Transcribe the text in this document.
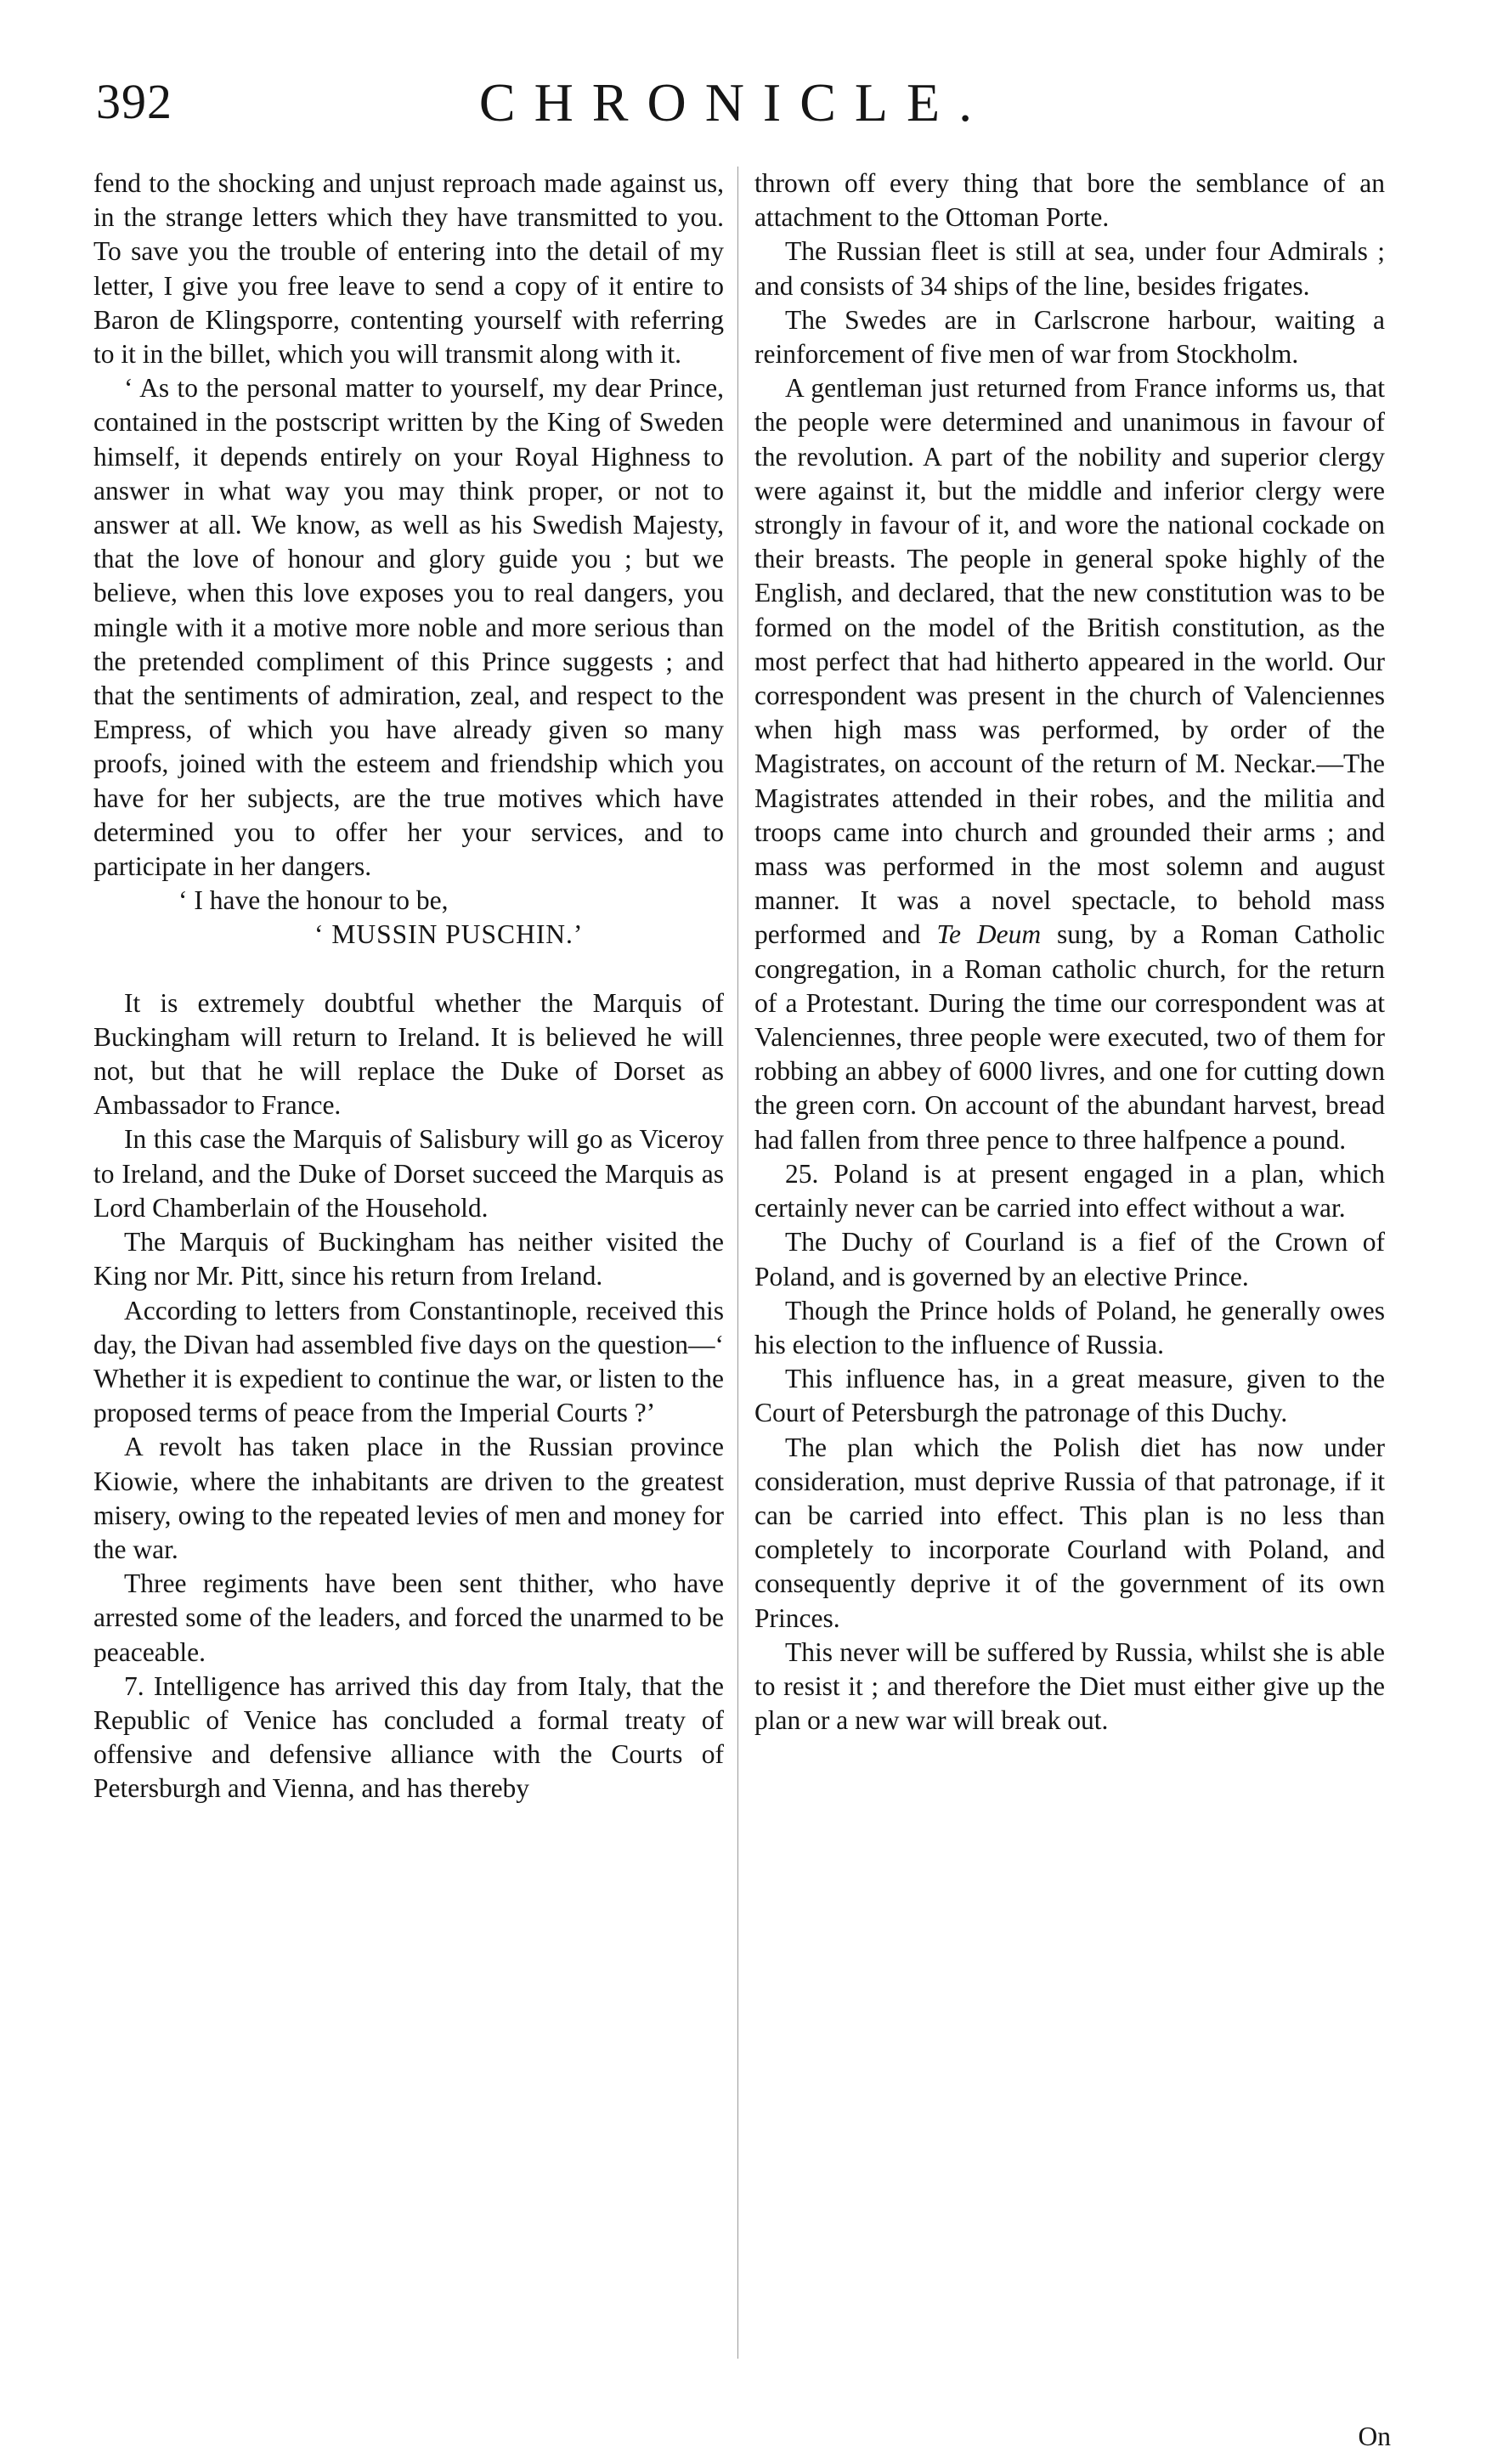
392	CHRONICLE.

fend to the shocking and unjust reproach made against us, in the strange letters which they have transmitted to you. To save you the trouble of entering into the detail of my letter, I give you free leave to send a copy of it entire to Baron de Klingsporre, contenting yourself with referring to it in the billet, which you will transmit along with it.

‘ As to the personal matter to yourself, my dear Prince, contained in the postscript written by the King of Sweden himself, it depends entirely on your Royal Highness to answer in what way you may think proper, or not to answer at all. We know, as well as his Swedish Majesty, that the love of honour and glory guide you ; but we believe, when this love exposes you to real dangers, you mingle with it a motive more noble and more serious than the pretended compliment of this Prince suggests ; and that the sentiments of admiration, zeal, and respect to the Empress, of which you have already given so many proofs, joined with the esteem and friendship which you have for her subjects, are the true motives which have determined you to offer her your services, and to participate in her dangers.

‘ I have the honour to be,
‘ MUSSIN PUSCHIN.’

It is extremely doubtful whether the Marquis of Buckingham will return to Ireland. It is believed he will not, but that he will replace the Duke of Dorset as Ambassador to France.

In this case the Marquis of Salisbury will go as Viceroy to Ireland, and the Duke of Dorset succeed the Marquis as Lord Chamberlain of the Household.

The Marquis of Buckingham has neither visited the King nor Mr. Pitt, since his return from Ireland.

According to letters from Constantinople, received this day, the Divan had assembled five days on the question—‘ Whether it is expedient to continue the war, or listen to the proposed terms of peace from the Imperial Courts ?’

A revolt has taken place in the Russian province Kiowie, where the inhabitants are driven to the greatest misery, owing to the repeated levies of men and money for the war.

Three regiments have been sent thither, who have arrested some of the leaders, and forced the unarmed to be peaceable.

7. Intelligence has arrived this day from Italy, that the Republic of Venice has concluded a formal treaty of offensive and defensive alliance with the Courts of Petersburgh and Vienna, and has thereby

thrown off every thing that bore the semblance of an attachment to the Ottoman Porte.

The Russian fleet is still at sea, under four Admirals ; and consists of 34 ships of the line, besides frigates.

The Swedes are in Carlscrone harbour, waiting a reinforcement of five men of war from Stockholm.

A gentleman just returned from France informs us, that the people were determined and unanimous in favour of the revolution. A part of the nobility and superior clergy were against it, but the middle and inferior clergy were strongly in favour of it, and wore the national cockade on their breasts. The people in general spoke highly of the English, and declared, that the new constitution was to be formed on the model of the British constitution, as the most perfect that had hitherto appeared in the world. Our correspondent was present in the church of Valenciennes when high mass was performed, by order of the Magistrates, on account of the return of M. Neckar.—The Magistrates attended in their robes, and the militia and troops came into church and grounded their arms ; and mass was performed in the most solemn and august manner. It was a novel spectacle, to behold mass performed and Te Deum sung, by a Roman Catholic congregation, in a Roman catholic church, for the return of a Protestant. During the time our correspondent was at Valenciennes, three people were executed, two of them for robbing an abbey of 6000 livres, and one for cutting down the green corn. On account of the abundant harvest, bread had fallen from three pence to three halfpence a pound.

25. Poland is at present engaged in a plan, which certainly never can be carried into effect without a war.

The Duchy of Courland is a fief of the Crown of Poland, and is governed by an elective Prince.

Though the Prince holds of Poland, he generally owes his election to the influence of Russia.

This influence has, in a great measure, given to the Court of Petersburgh the patronage of this Duchy.

The plan which the Polish diet has now under consideration, must deprive Russia of that patronage, if it can be carried into effect. This plan is no less than completely to incorporate Courland with Poland, and consequently deprive it of the government of its own Princes.

This never will be suffered by Russia, whilst she is able to resist it ; and therefore the Diet must either give up the plan or a new war will break out.

On
